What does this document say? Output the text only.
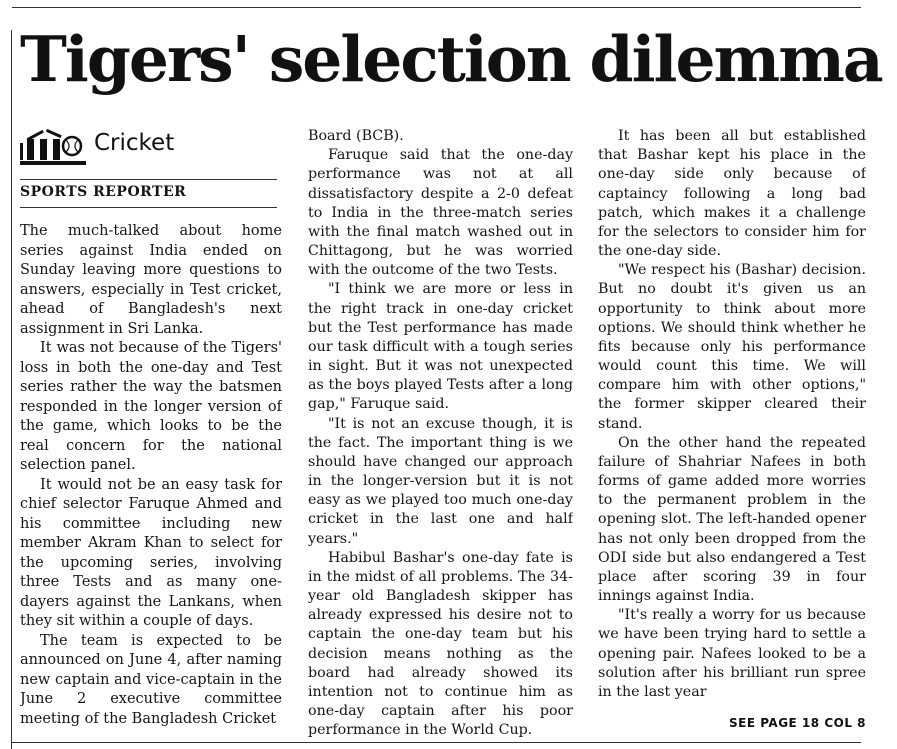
Tigers' selection dilemma
Cricket
SPORTS REPORTER

The much-talked about home series against India ended on Sunday leaving more questions to answers, especially in Test cricket, ahead of Bangladesh's next assignment in Sri Lanka.

It was not because of the Tigers' loss in both the one-day and Test series rather the way the batsmen responded in the longer version of the game, which looks to be the real concern for the national selection panel.

It would not be an easy task for chief selector Faruque Ahmed and his committee including new member Akram Khan to select for the upcoming series, involving three Tests and as many one-dayers against the Lankans, when they sit within a couple of days.

The team is expected to be announced on June 4, after naming new captain and vice-captain in the June 2 executive committee meeting of the Bangladesh Cricket

Board (BCB).

Faruque said that the one-day performance was not at all dissatisfactory despite a 2-0 defeat to India in the three-match series with the final match washed out in Chittagong, but he was worried with the outcome of the two Tests.

"I think we are more or less in the right track in one-day cricket but the Test performance has made our task difficult with a tough series in sight. But it was not unexpected as the boys played Tests after a long gap," Faruque said.

"It is not an excuse though, it is the fact. The important thing is we should have changed our approach in the longer-version but it is not easy as we played too much one-day cricket in the last one and half years."

Habibul Bashar's one-day fate is in the midst of all problems. The 34-year old Bangladesh skipper has already expressed his desire not to captain the one-day team but his decision means nothing as the board had already showed its intention not to continue him as one-day captain after his poor performance in the World Cup.

It has been all but established that Bashar kept his place in the one-day side only because of captaincy following a long bad patch, which makes it a challenge for the selectors to consider him for the one-day side.

"We respect his (Bashar) decision. But no doubt it's given us an opportunity to think about more options. We should think whether he fits because only his performance would count this time. We will compare him with other options," the former skipper cleared their stand.

On the other hand the repeated failure of Shahriar Nafees in both forms of game added more worries to the permanent problem in the opening slot. The left-handed opener has not only been dropped from the ODI side but also endangered a Test place after scoring 39 in four innings against India.

"It's really a worry for us because we have been trying hard to settle a opening pair. Nafees looked to be a solution after his brilliant run spree in the last year

SEE PAGE 18 COL 8
